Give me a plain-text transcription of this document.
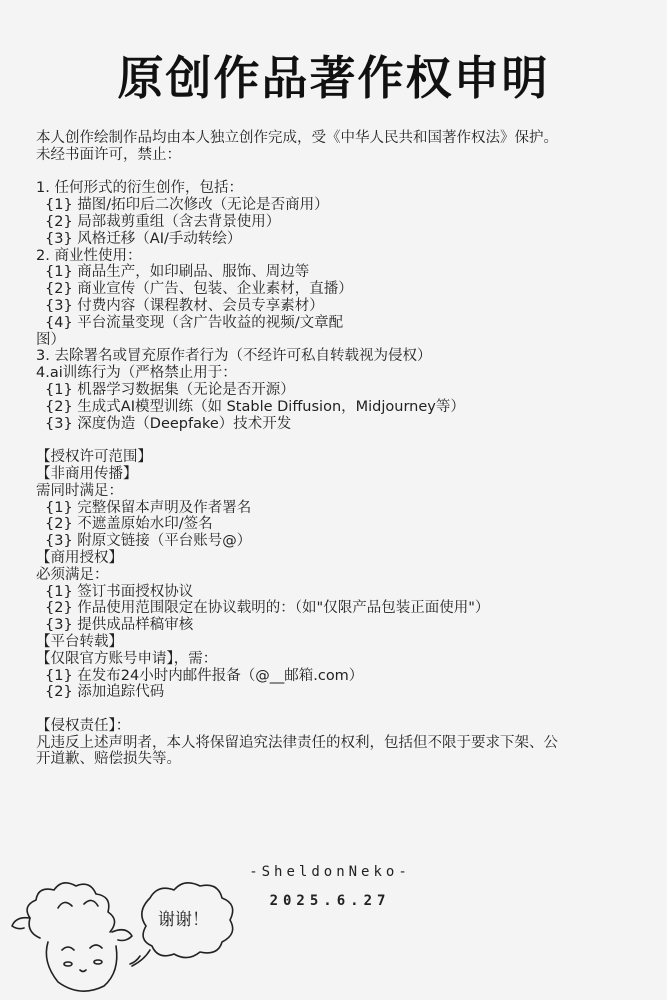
原创作品著作权申明
本人创作绘制作品均由本人独立创作完成，受《中华人民共和国著作权法》保护。
未经书面许可，禁止：
1. 任何形式的衍生创作，包括：
{1} 描图/拓印后二次修改（无论是否商用）
{2} 局部裁剪重组（含去背景使用）
{3} 风格迁移（AI/手动转绘）
2. 商业性使用：
{1} 商品生产，如印刷品、服饰、周边等
{2} 商业宣传（广告、包装、企业素材，直播）
{3} 付费内容（课程教材、会员专享素材）
{4} 平台流量变现（含广告收益的视频/文章配
图）
3. 去除署名或冒充原作者行为（不经许可私自转载视为侵权）
4.ai训练行为（严格禁止用于：
{1} 机器学习数据集（无论是否开源）
{2} 生成式AI模型训练（如 Stable Diffusion，Midjourney等）
{3} 深度伪造（Deepfake）技术开发
【授权许可范围】
【非商用传播】
需同时满足：
{1} 完整保留本声明及作者署名
{2} 不遮盖原始水印/签名
{3} 附原文链接（平台账号@）
【商用授权】
必须满足：
{1} 签订书面授权协议
{2} 作品使用范围限定在协议载明的：（如"仅限产品包装正面使用"）
{3} 提供成品样稿审核
【平台转载】
【仅限官方账号申请】，需：
{1} 在发布24小时内邮件报备（@__邮箱.com）
{2} 添加追踪代码
【侵权责任】：
凡违反上述声明者，本人将保留追究法律责任的权利，包括但不限于要求下架、公
开道歉、赔偿损失等。
-SheldonNeko-
2025.6.27
谢谢！
